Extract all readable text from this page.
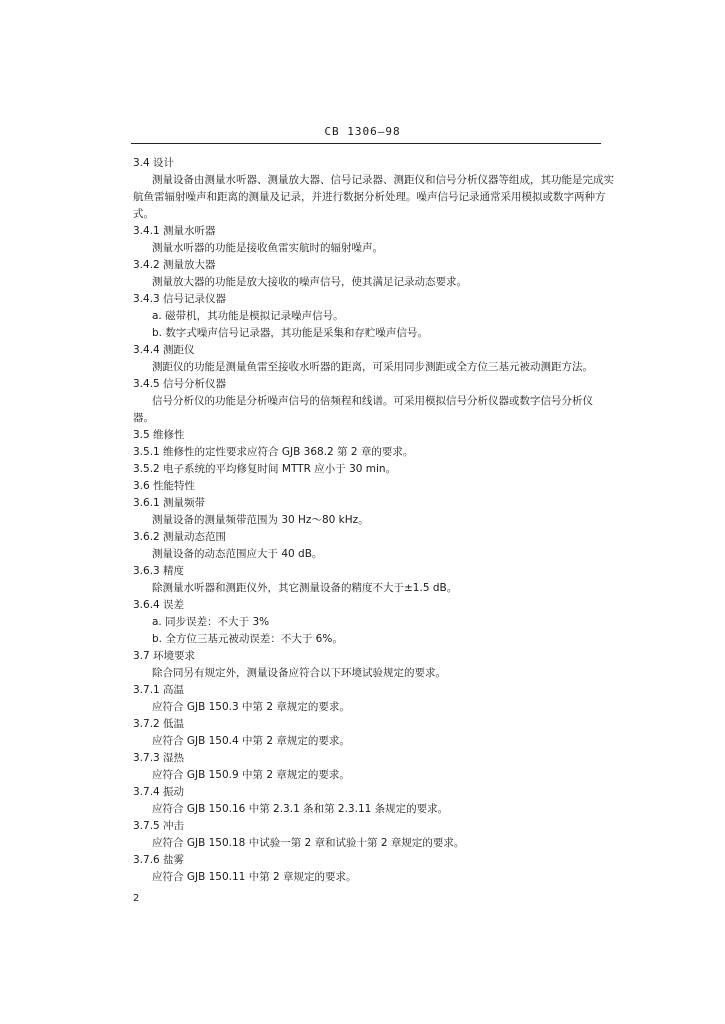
CB 1306—98
3.4 设计
测量设备由测量水听器、测量放大器、信号记录器、测距仪和信号分析仪器等组成，其功能是完成实
航鱼雷辐射噪声和距离的测量及记录，并进行数据分析处理。噪声信号记录通常采用模拟或数字两种方
式。
3.4.1 测量水听器
测量水听器的功能是接收鱼雷实航时的辐射噪声。
3.4.2 测量放大器
测量放大器的功能是放大接收的噪声信号，使其满足记录动态要求。
3.4.3 信号记录仪器
a. 磁带机，其功能是模拟记录噪声信号。
b. 数字式噪声信号记录器，其功能是采集和存贮噪声信号。
3.4.4 测距仪
测距仪的功能是测量鱼雷至接收水听器的距离，可采用同步测距或全方位三基元被动测距方法。
3.4.5 信号分析仪器
信号分析仪的功能是分析噪声信号的倍频程和线谱。可采用模拟信号分析仪器或数字信号分析仪
器。
3.5 维修性
3.5.1 维修性的定性要求应符合 GJB 368.2 第 2 章的要求。
3.5.2 电子系统的平均修复时间 MTTR 应小于 30 min。
3.6 性能特性
3.6.1 测量频带
测量设备的测量频带范围为 30 Hz～80 kHz。
3.6.2 测量动态范围
测量设备的动态范围应大于 40 dB。
3.6.3 精度
除测量水听器和测距仪外，其它测量设备的精度不大于±1.5 dB。
3.6.4 误差
a. 同步误差：不大于 3%
b. 全方位三基元被动误差：不大于 6%。
3.7 环境要求
除合同另有规定外，测量设备应符合以下环境试验规定的要求。
3.7.1 高温
应符合 GJB 150.3 中第 2 章规定的要求。
3.7.2 低温
应符合 GJB 150.4 中第 2 章规定的要求。
3.7.3 湿热
应符合 GJB 150.9 中第 2 章规定的要求。
3.7.4 振动
应符合 GJB 150.16 中第 2.3.1 条和第 2.3.11 条规定的要求。
3.7.5 冲击
应符合 GJB 150.18 中试验一第 2 章和试验十第 2 章规定的要求。
3.7.6 盐雾
应符合 GJB 150.11 中第 2 章规定的要求。
2
